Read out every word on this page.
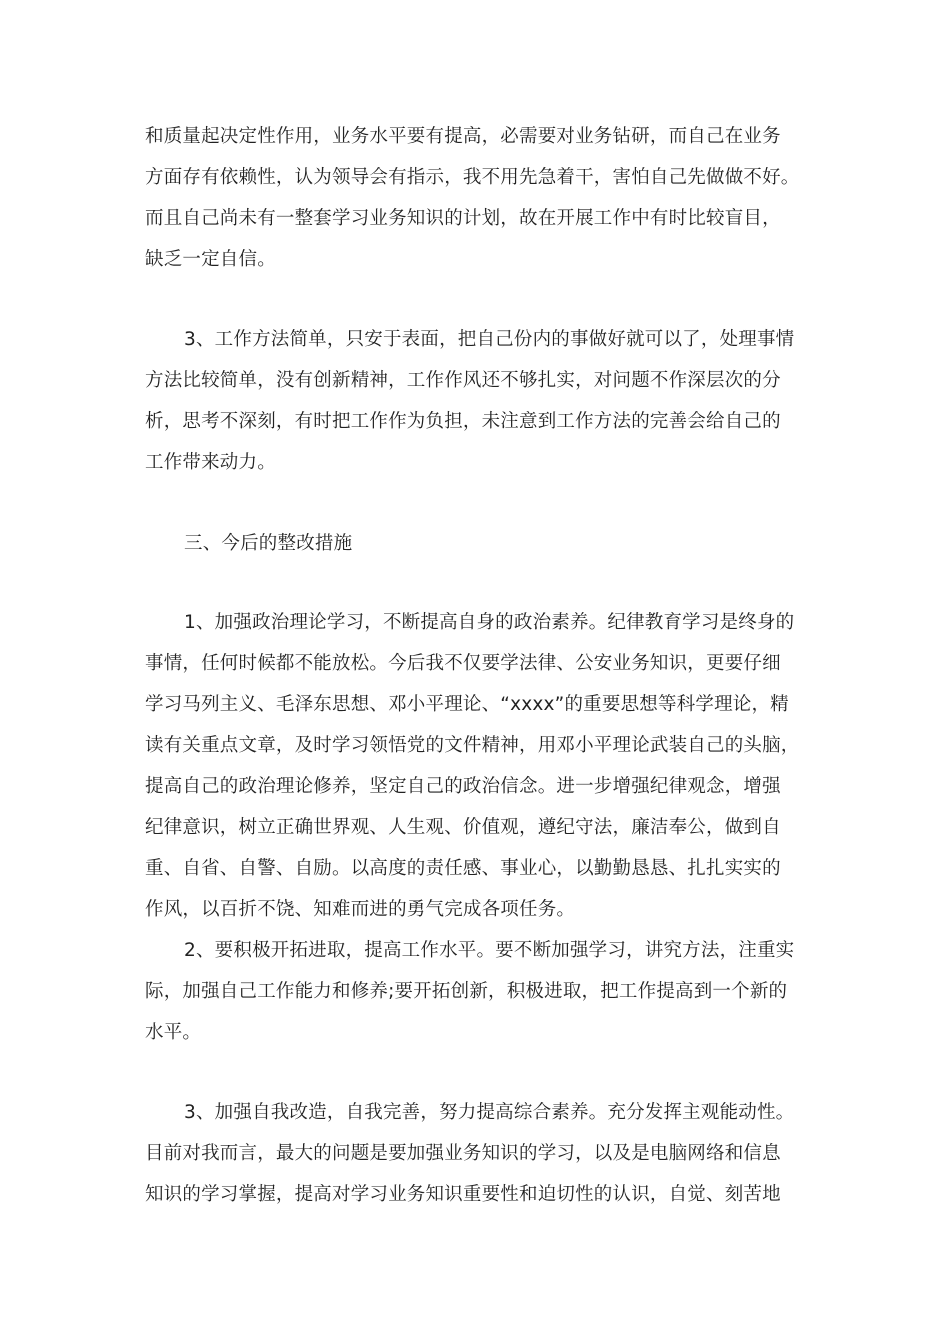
和质量起决定性作用，业务水平要有提高，必需要对业务钻研，而自己在业务
方面存有依赖性，认为领导会有指示，我不用先急着干，害怕自己先做做不好。
而且自己尚未有一整套学习业务知识的计划，故在开展工作中有时比较盲目，
缺乏一定自信。
3、工作方法简单，只安于表面，把自己份内的事做好就可以了，处理事情
方法比较简单，没有创新精神，工作作风还不够扎实，对问题不作深层次的分
析，思考不深刻，有时把工作作为负担，未注意到工作方法的完善会给自己的
工作带来动力。
三、今后的整改措施
1、加强政治理论学习，不断提高自身的政治素养。纪律教育学习是终身的
事情，任何时候都不能放松。今后我不仅要学法律、公安业务知识，更要仔细
学习马列主义、毛泽东思想、邓小平理论、“xxxx”的重要思想等科学理论，精
读有关重点文章，及时学习领悟党的文件精神，用邓小平理论武装自己的头脑，
提高自己的政治理论修养，坚定自己的政治信念。进一步增强纪律观念，增强
纪律意识，树立正确世界观、人生观、价值观，遵纪守法，廉洁奉公，做到自
重、自省、自警、自励。以高度的责任感、事业心，以勤勤恳恳、扎扎实实的
作风，以百折不饶、知难而进的勇气完成各项任务。
2、要积极开拓进取，提高工作水平。要不断加强学习，讲究方法，注重实
际，加强自己工作能力和修养;要开拓创新，积极进取，把工作提高到一个新的
水平。
3、加强自我改造，自我完善，努力提高综合素养。充分发挥主观能动性。
目前对我而言，最大的问题是要加强业务知识的学习，以及是电脑网络和信息
知识的学习掌握，提高对学习业务知识重要性和迫切性的认识，自觉、刻苦地
